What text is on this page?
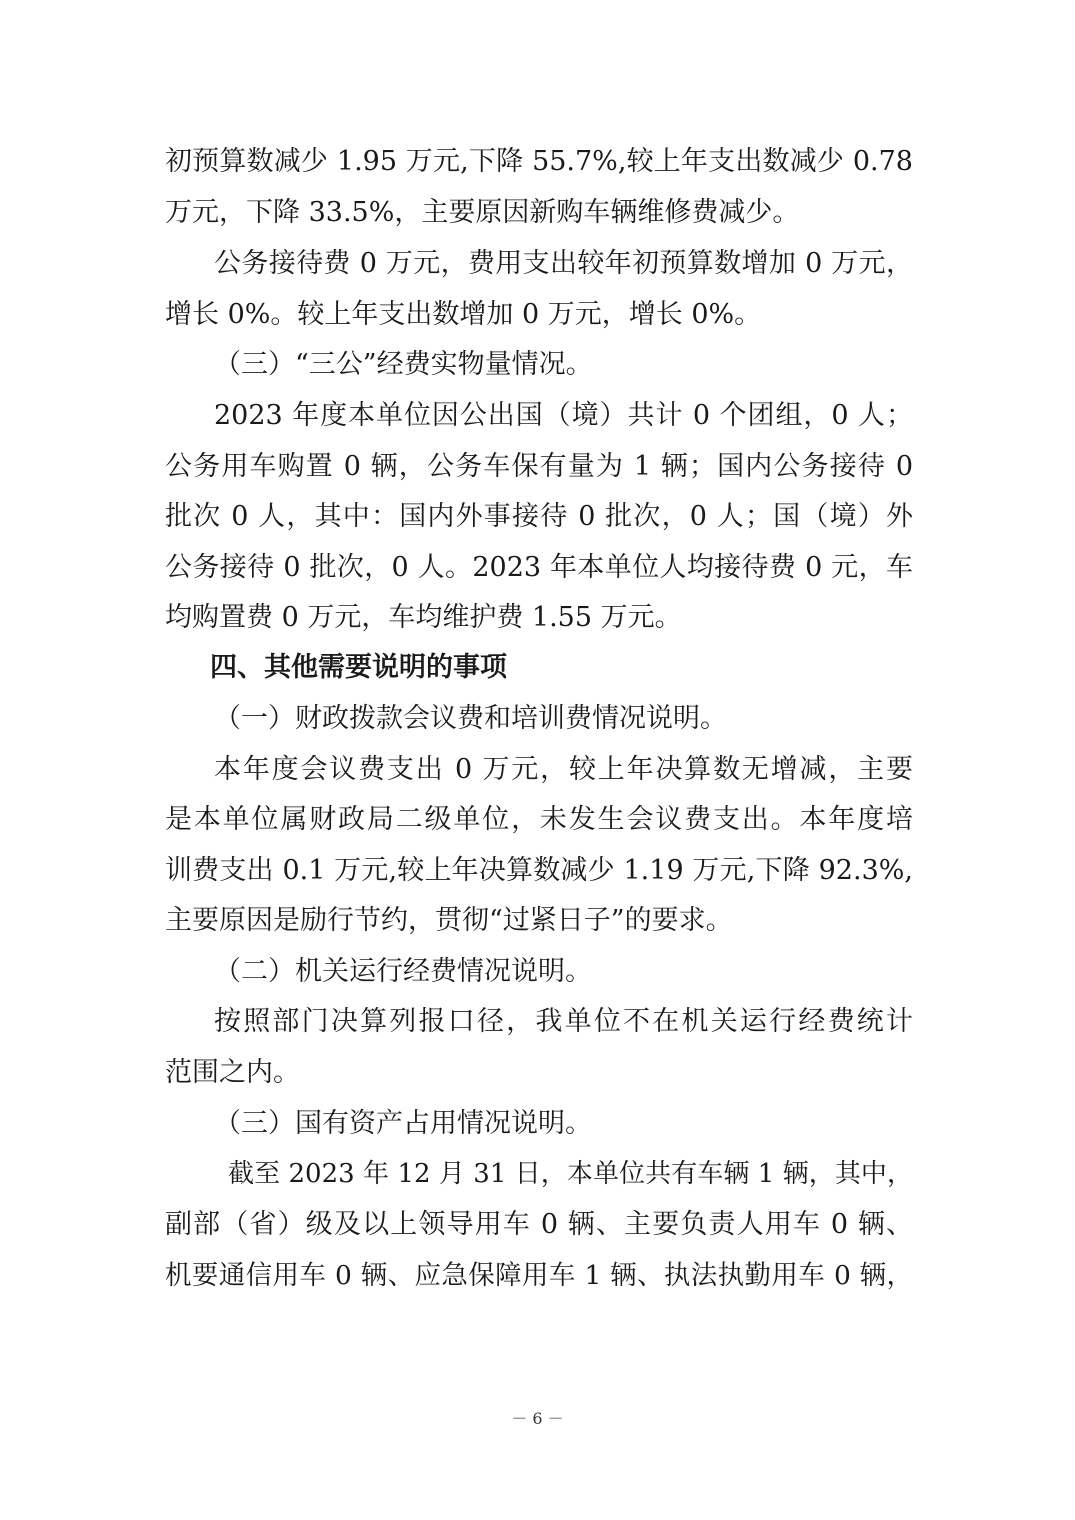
初预算数减少 1.95 万元,下降 55.7%,较上年支出数减少 0.78
万元，下降 33.5%，主要原因新购车辆维修费减少。
公务接待费 0 万元，费用支出较年初预算数增加 0 万元，
增长 0%。较上年支出数增加 0 万元，增长 0%。
（三）“三公”经费实物量情况。
2023 年度本单位因公出国（境）共计 0 个团组，0 人；
公务用车购置 0 辆，公务车保有量为 1 辆；国内公务接待 0
批次 0 人，其中：国内外事接待 0 批次，0 人；国（境）外
公务接待 0 批次，0 人。2023 年本单位人均接待费 0 元，车
均购置费 0 万元，车均维护费 1.55 万元。
四、其他需要说明的事项
（一）财政拨款会议费和培训费情况说明。
本年度会议费支出 0 万元，较上年决算数无增减，主要
是本单位属财政局二级单位，未发生会议费支出。本年度培
训费支出 0.1 万元,较上年决算数减少 1.19 万元,下降 92.3%,
主要原因是励行节约，贯彻“过紧日子”的要求。
（二）机关运行经费情况说明。
按照部门决算列报口径，我单位不在机关运行经费统计
范围之内。
（三）国有资产占用情况说明。
截至 2023 年 12 月 31 日，本单位共有车辆 1 辆，其中，
副部（省）级及以上领导用车 0 辆、主要负责人用车 0 辆、
机要通信用车 0 辆、应急保障用车 1 辆、执法执勤用车 0 辆，
－ 6 －
